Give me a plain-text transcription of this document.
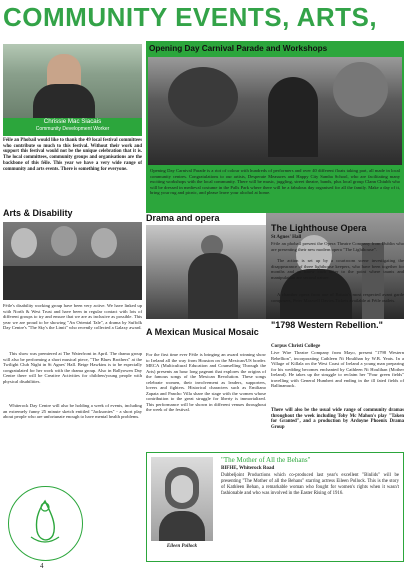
COMMUNITY EVENTS, ARTS,
Chrissie Mac Siacais
Community Development Worker
Féile an Phobail would like to thank the 49 local festival committees who contribute so much to this festival. Without their work and support this festival would not be the unique celebration that it is. The local committees, community groups and organisations are the backbone of this féile. This year we have a very wide range of community and arts events. There is something for everyone.
Opening Day Carnival Parade and Workshops
Opening Day Carnival Parade is a riot of colour with hundreds of performers and over 40 different floats taking part, all made in local community centres. Congratulations to our artists, Desperate Measures and Happy City Samba School, who are facilitating many exciting workshops with the local community. There will be music, juggling, street theatre, bands, plus local group Clann Chiubh who will be dressed in medieval costume in the Palls Park where there will be a fabulous day organised for all the family. Make a day of it, bring your rug and picnic, and please leave your alcohol at home.
Arts & Disability
Féile's disability working group have been very active. We have linked up with North & West Trust and have been in regular contact with lots of different groups to try and ensure that we are as inclusive as possible. This year we are proud to be showing "An Oriental Tale", a drama by Suffolk Day Centre's "The Sky's the Limit" who recently collected a Galaxy award.
This show was premiered at The Waterfront in April. The drama group will also be performing a short musical piece, "The Blues Brothers" at the Twilight Club Night in St Agnes' Hall. Beige Hawkins is to be especially congratulated for her work with the drama group. Also in Ballyowen Day Centre there will be Creative Activities for children/young people with physical disabilities.
Whiterock Day Centre will also be holding a week of events, including an extremely funny 25 minute sketch entitled "Jacksonies" - a short play about people who are unfortunate enough to have mental health problems.
4
Drama and opera
A Mexican Musical Mosaic
For the first time ever Féile is bringing an award winning show to Ireland all the way from Houston on the Mexican/US border. MECA (Multicultural Education and Counselling Through the Arts) presents an hour long pageant that explores the origins of the famous songs of the Mexican Revolution. These songs celebrate women, their involvement as leaders, supporters, lovers and fighters. Historical characters such as Emiliano Zapata and Pancho Villa share the stage with the women whose contribution to the great struggle for liberty is immortalized. This performance will be shown in different venues throughout the week of the festival.
The Lighthouse Opera
St Agnes' Hall
Féile an phobail present the Opera Theatre Company from Dublin who are presenting their new modern opera "The Lighthouse".
The action is set up by a courtroom scene investigating the disappearance of three lighthouse keepers, who have been together for months and so know each other to the point where taunts and manipulation are second nature.
A chamber opera from one of Britain's most respected avant garde composers, Peter Maxwell Davies.Tickets available at Féile outlets.
"1798 Western Rebellion."
Corpus Christi College
Live Wire Theatre Company from Mayo, present "1798 Western Rebellion", incorporating Cathleen Ni Houlihan by W.B. Yeats. In a Village of Killala on the West Coast of Ireland a young man preparing for his wedding becomes enchanted by Cathleen Ni Houlihan (Mother Ireland). He takes up the struggle to reclaim her "Four green fields" travelling with General Humbert and ending in the ill fated fields of Ballinamuck.
There will also be the usual wide range of community dramas throughout the week including Toby Mc Mahon's play "Taken for Granted", and a production by Ardoyne Phoenix Drama Group
Eileen Pollock
"The Mother of All the Behans"
BIFHE, Whiterock Road
Dubbeljoint Productions which co-produced last year's excellent "Binlids" will be presenting "The Mother of all the Behans" starring actress Eileen Pollock. This is the story of Kathleen Behan, a remarkable woman who fought for women's rights when it wasn't fashionable and who was involved in the Easter Rising of 1916.
